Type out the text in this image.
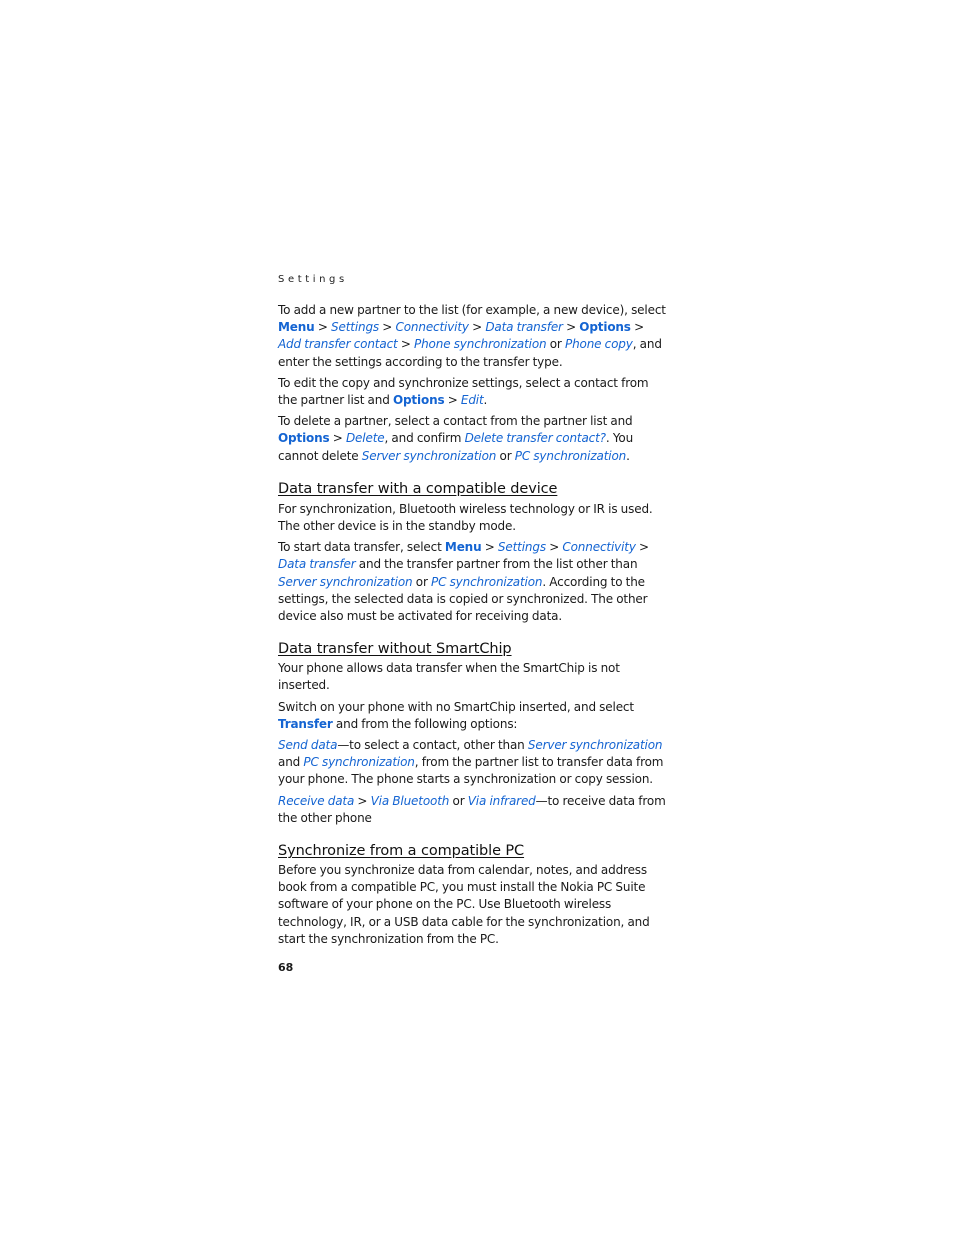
Settings

To add a new partner to the list (for example, a new device), select Menu > Settings > Connectivity > Data transfer > Options > Add transfer contact > Phone synchronization or Phone copy, and enter the settings according to the transfer type.

To edit the copy and synchronize settings, select a contact from the partner list and Options > Edit.

To delete a partner, select a contact from the partner list and Options > Delete, and confirm Delete transfer contact?. You cannot delete Server synchronization or PC synchronization.

Data transfer with a compatible device

For synchronization, Bluetooth wireless technology or IR is used.
The other device is in the standby mode.

To start data transfer, select Menu > Settings > Connectivity > Data transfer and the transfer partner from the list other than Server synchronization or PC synchronization. According to the settings, the selected data is copied or synchronized. The other device also must be activated for receiving data.

Data transfer without SmartChip

Your phone allows data transfer when the SmartChip is not inserted.

Switch on your phone with no SmartChip inserted, and select Transfer and from the following options:

Send data—to select a contact, other than Server synchronization and PC synchronization, from the partner list to transfer data from your phone. The phone starts a synchronization or copy session.

Receive data > Via Bluetooth or Via infrared—to receive data from the other phone

Synchronize from a compatible PC

Before you synchronize data from calendar, notes, and address book from a compatible PC, you must install the Nokia PC Suite software of your phone on the PC. Use Bluetooth wireless technology, IR, or a USB data cable for the synchronization, and start the synchronization from the PC.

68
